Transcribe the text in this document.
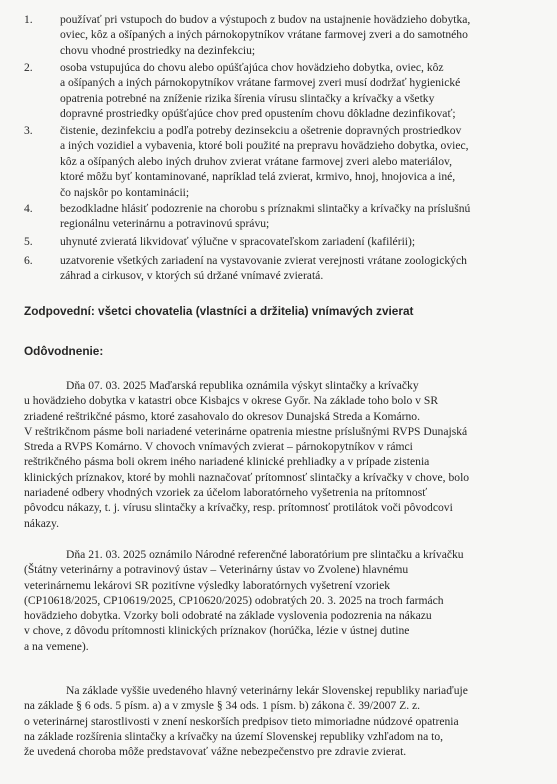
1. používať pri vstupoch do budov a výstupoch z budov na ustajnenie hovädzieho dobytka,
oviec, kôz a ošípaných a iných párnokopytníkov vrátane farmovej zveri a do samotného
chovu vhodné prostriedky na dezinfekciu;
2. osoba vstupujúca do chovu alebo opúšťajúca chov hovädzieho dobytka, oviec, kôz
a ošípaných a iných párnokopytníkov vrátane farmovej zveri musí dodržať hygienické
opatrenia potrebné na zníženie rizika šírenia vírusu slintačky a krívačky a všetky
dopravné prostriedky opúšťajúce chov pred opustením chovu dôkladne dezinfikovať;
3. čistenie, dezinfekciu a podľa potreby dezinsekciu a ošetrenie dopravných prostriedkov
a iných vozidiel a vybavenia, ktoré boli použité na prepravu hovädzieho dobytka, oviec,
kôz a ošípaných alebo iných druhov zvierat vrátane farmovej zveri alebo materiálov,
ktoré môžu byť kontaminované, napríklad telá zvierat, krmivo, hnoj, hnojovica a iné,
čo najskôr po kontaminácii;
4. bezodkladne hlásiť podozrenie na chorobu s príznakmi slintačky a krívačky na príslušnú
regionálnu veterinárnu a potravinovú správu;
5. uhynuté zvieratá likvidovať výlučne v spracovateľskom zariadení (kafilérii);
6. uzatvorenie všetkých zariadení na vystavovanie zvierat verejnosti vrátane zoologických
záhrad a cirkusov, v ktorých sú držané vnímavé zvieratá.
Zodpovední: všetci chovatelia (vlastníci a držitelia) vnímavých zvierat
Odôvodnenie:
Dňa 07. 03. 2025 Maďarská republika oznámila výskyt slintačky a krívačky
u hovädzieho dobytka v katastri obce Kisbajcs v okrese Győr. Na základe toho bolo v SR
zriadené reštrikčné pásmo, ktoré zasahovalo do okresov Dunajská Streda a Komárno.
V reštrikčnom pásme boli nariadené veterinárne opatrenia miestne príslušnými RVPS Dunajská
Streda a RVPS Komárno. V chovoch vnímavých zvierat – párnokopytníkov v rámci
reštrikčného pásma boli okrem iného nariadené klinické prehliadky a v prípade zistenia
klinických príznakov, ktoré by mohli naznačovať prítomnosť slintačky a krívačky v chove, bolo
nariadené odbery vhodných vzoriek za účelom laboratórneho vyšetrenia na prítomnosť
pôvodcu nákazy, t. j. vírusu slintačky a krívačky, resp. prítomnosť protilátok voči pôvodcovi
nákazy.
Dňa 21. 03. 2025 oznámilo Národné referenčné laboratórium pre slintačku a krívačku
(Štátny veterinárny a potravinový ústav – Veterinárny ústav vo Zvolene) hlavnému
veterinárnemu lekárovi SR pozitívne výsledky laboratórnych vyšetrení vzoriek
(CP10618/2025, CP10619/2025, CP10620/2025) odobratých 20. 3. 2025 na troch farmách
hovädzieho dobytka. Vzorky boli odobraté na základe vyslovenia podozrenia na nákazu
v chove, z dôvodu prítomnosti klinických príznakov (horúčka, lézie v ústnej dutine
a na vemene).
Na základe vyššie uvedeného hlavný veterinárny lekár Slovenskej republiky nariaďuje
na základe § 6 ods. 5 písm. a) a v zmysle § 34 ods. 1 písm. b) zákona č. 39/2007 Z. z.
o veterinárnej starostlivosti v znení neskorších predpisov tieto mimoriadne núdzové opatrenia
na základe rozšírenia slintačky a krívačky na území Slovenskej republiky vzhľadom na to,
že uvedená choroba môže predstavovať vážne nebezpečenstvo pre zdravie zvierat.
